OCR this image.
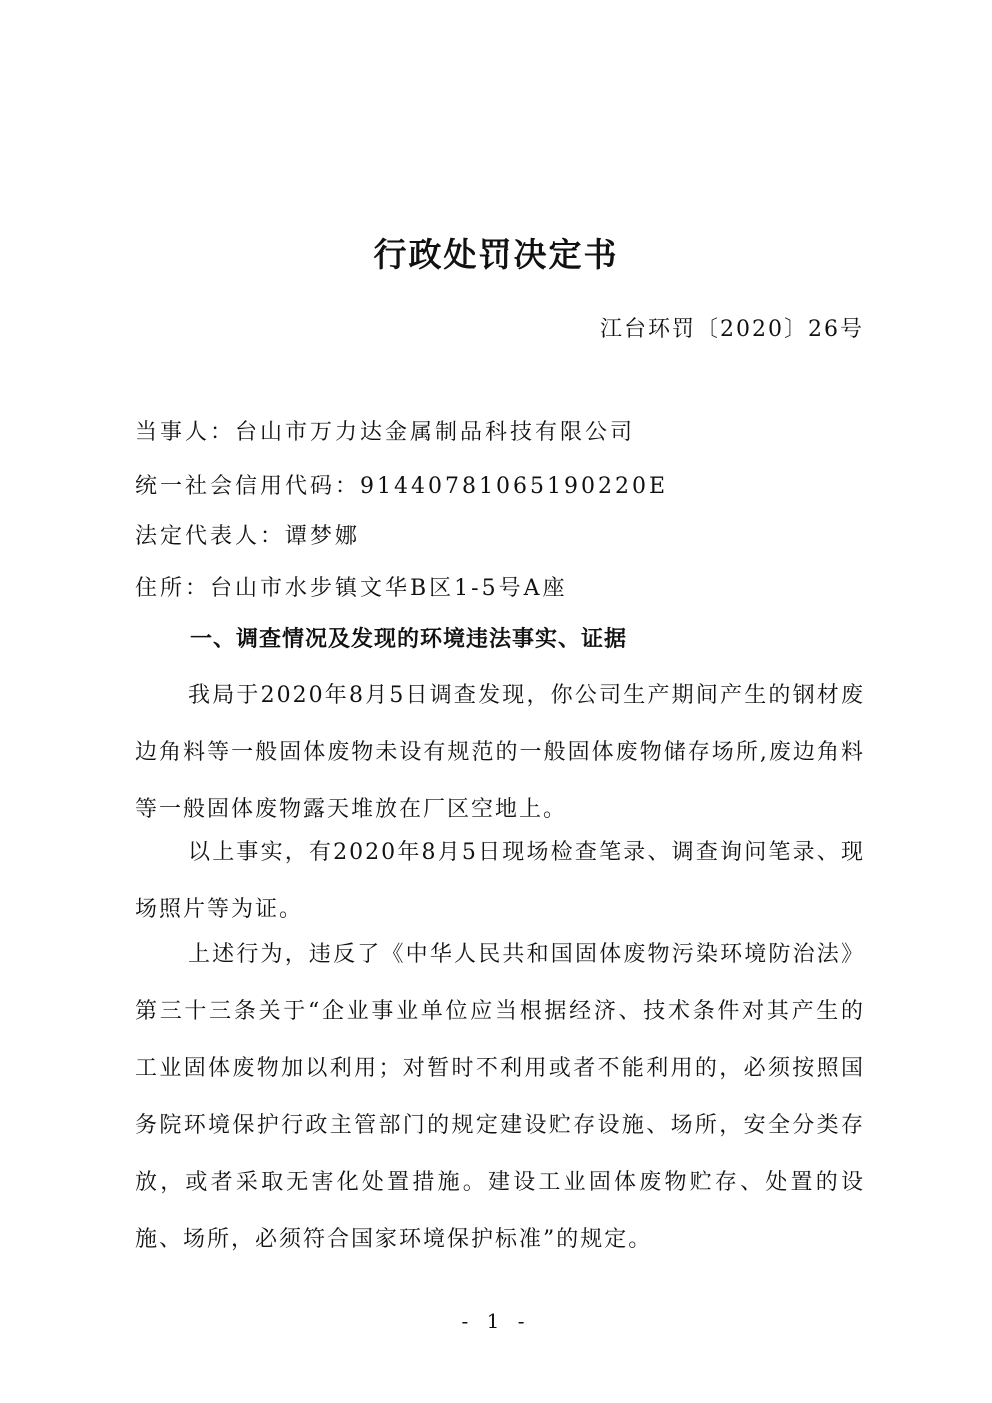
行政处罚决定书
江台环罚〔2020〕26号
当事人：台山市万力达金属制品科技有限公司
统一社会信用代码：91440781065190220E
法定代表人：谭梦娜
住所：台山市水步镇文华B区1-5号A座
一、调查情况及发现的环境违法事实、证据

我局于2020年8月5日调查发现，你公司生产期间产生的钢材废边角料等一般固体废物未设有规范的一般固体废物储存场所,废边角料等一般固体废物露天堆放在厂区空地上。

以上事实，有2020年8月5日现场检查笔录、调查询问笔录、现场照片等为证。

上述行为，违反了《中华人民共和国固体废物污染环境防治法》第三十三条关于“企业事业单位应当根据经济、技术条件对其产生的工业固体废物加以利用；对暂时不利用或者不能利用的，必须按照国务院环境保护行政主管部门的规定建设贮存设施、场所，安全分类存放，或者采取无害化处置措施。建设工业固体废物贮存、处置的设施、场所，必须符合国家环境保护标准”的规定。

- 1 -
